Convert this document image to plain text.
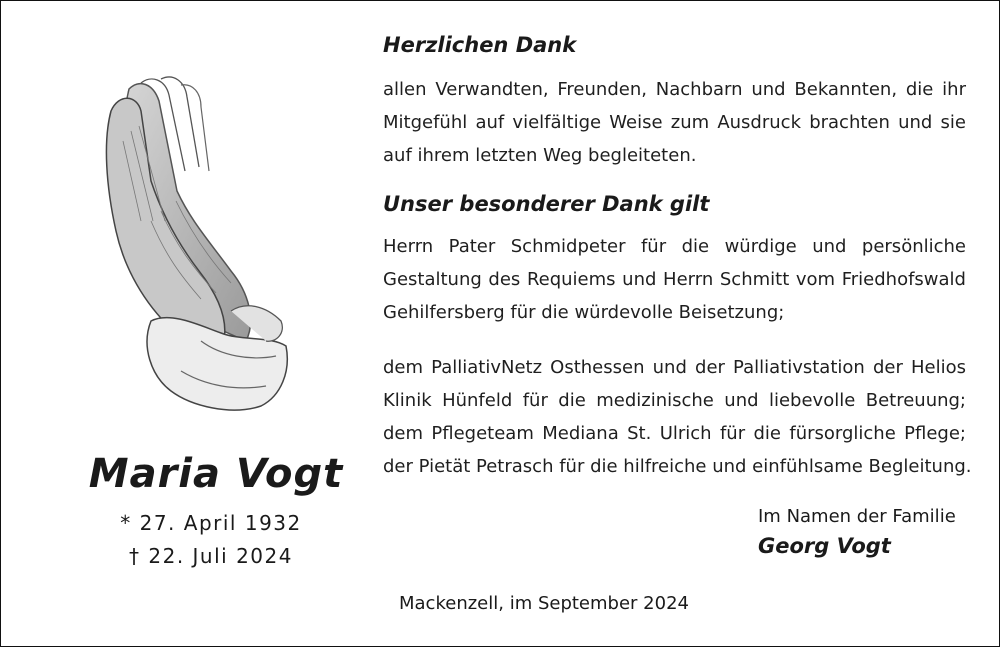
Maria Vogt
* 27. April 1932
† 22. Juli 2024
Herzlichen Dank

allen Verwandten, Freunden, Nachbarn und Bekannten, die ihr
Mitgefühl auf vielfältige Weise zum Ausdruck brachten und sie
auf ihrem letzten Weg begleiteten.

Unser besonderer Dank gilt

Herrn Pater Schmidpeter für die würdige und persönliche
Gestaltung des Requiems und Herrn Schmitt vom Friedhofswald
Gehilfersberg für die würdevolle Beisetzung;

dem PalliativNetz Osthessen und der Palliativstation der Helios
Klinik Hünfeld für die medizinische und liebevolle Betreuung;
dem Pflegeteam Mediana St. Ulrich für die fürsorgliche Pflege;
der Pietät Petrasch für die hilfreiche und einfühlsame Begleitung.

Im Namen der Familie
Georg Vogt
Mackenzell, im September 2024
